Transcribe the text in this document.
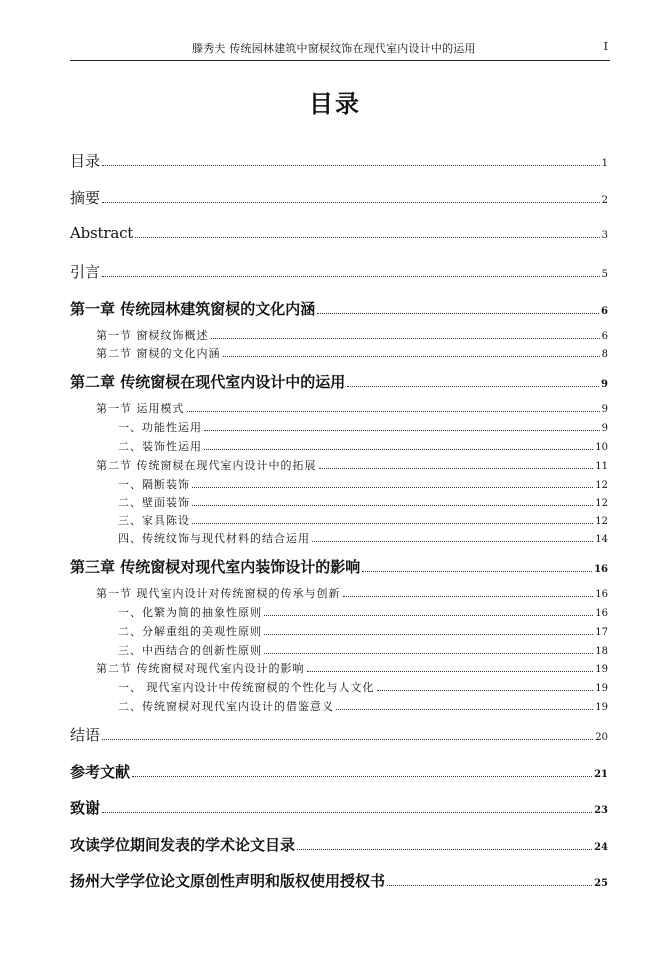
滕秀夫 传统园林建筑中窗棂纹饰在现代室内设计中的运用	I
目录
目录	1
摘要	2
Abstract	3
引言	5
第一章 传统园林建筑窗棂的文化内涵	6
第一节 窗棂纹饰概述	6
第二节 窗棂的文化内涵	8
第二章 传统窗棂在现代室内设计中的运用	9
第一节 运用模式	9
一、功能性运用	9
二、装饰性运用	10
第二节 传统窗棂在现代室内设计中的拓展	11
一、隔断装饰	12
二、壁面装饰	12
三、家具陈设	12
四、传统纹饰与现代材料的结合运用	14
第三章 传统窗棂对现代室内装饰设计的影响	16
第一节 现代室内设计对传统窗棂的传承与创新	16
一、化繁为简的抽象性原则	16
二、分解重组的美观性原则	17
三、中西结合的创新性原则	18
第二节 传统窗棂对现代室内设计的影响	19
一、 现代室内设计中传统窗棂的个性化与人文化	19
二、传统窗棂对现代室内设计的借鉴意义	19
结语	20
参考文献	21
致谢	23
攻读学位期间发表的学术论文目录	24
扬州大学学位论文原创性声明和版权使用授权书	25
